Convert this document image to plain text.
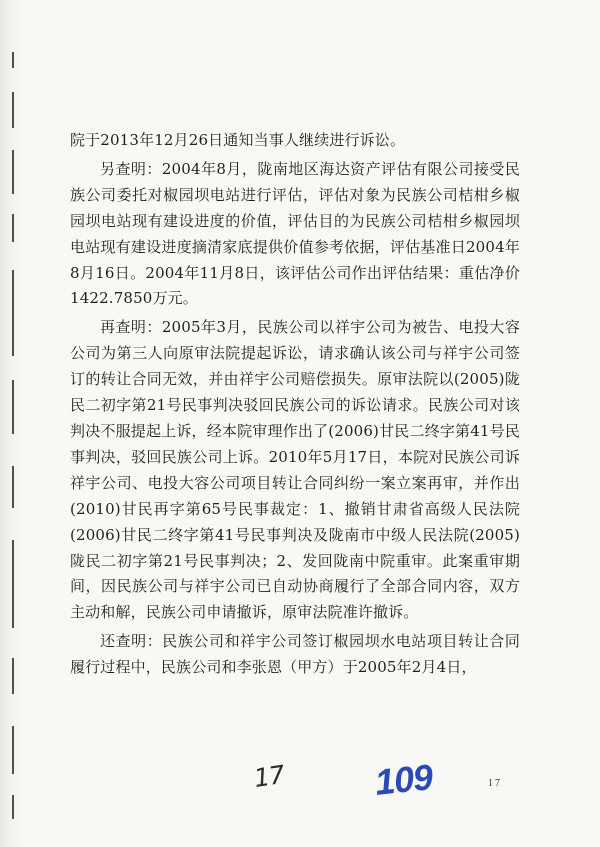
院于2013年12月26日通知当事人继续进行诉讼。

另查明：2004年8月，陇南地区海达资产评估有限公司接受民族公司委托对椒园坝电站进行评估，评估对象为民族公司桔柑乡椒园坝电站现有建设进度的价值，评估目的为民族公司桔柑乡椒园坝电站现有建设进度摘清家底提供价值参考依据，评估基准日2004年8月16日。2004年11月8日，该评估公司作出评估结果：重估净价1422.7850万元。

再查明：2005年3月，民族公司以祥宇公司为被告、电投大容公司为第三人向原审法院提起诉讼，请求确认该公司与祥宇公司签订的转让合同无效，并由祥宇公司赔偿损失。原审法院以(2005)陇民二初字第21号民事判决驳回民族公司的诉讼请求。民族公司对该判决不服提起上诉，经本院审理作出了(2006)甘民二终字第41号民事判决，驳回民族公司上诉。2010年5月17日，本院对民族公司诉祥宇公司、电投大容公司项目转让合同纠纷一案立案再审，并作出(2010)甘民再字第65号民事裁定：1、撤销甘肃省高级人民法院(2006)甘民二终字第41号民事判决及陇南市中级人民法院(2005)陇民二初字第21号民事判决；2、发回陇南中院重审。此案重审期间，因民族公司与祥宇公司已自动协商履行了全部合同内容，双方主动和解，民族公司申请撤诉，原审法院准许撤诉。

还查明：民族公司和祥宇公司签订椒园坝水电站项目转让合同履行过程中，民族公司和李张恩（甲方）于2005年2月4日，

17 109	17
